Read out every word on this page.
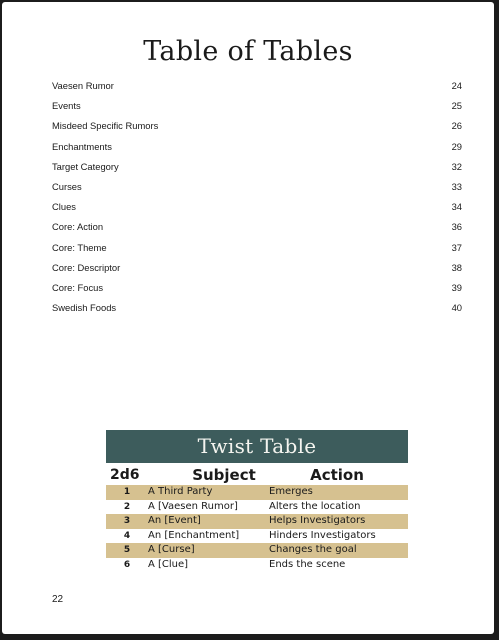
Table of Tables
Vaesen Rumor	24
Events	25
Misdeed Specific Rumors	26
Enchantments	29
Target Category	32
Curses	33
Clues	34
Core: Action	36
Core: Theme	37
Core: Descriptor	38
Core: Focus	39
Swedish Foods	40
Twist Table
2d6	Subject	Action
1	A Third Party	Emerges
2	A [Vaesen Rumor]	Alters the location
3	An [Event]	Helps Investigators
4	An [Enchantment]	Hinders Investigators
5	A [Curse]	Changes the goal
6	A [Clue]	Ends the scene
22
